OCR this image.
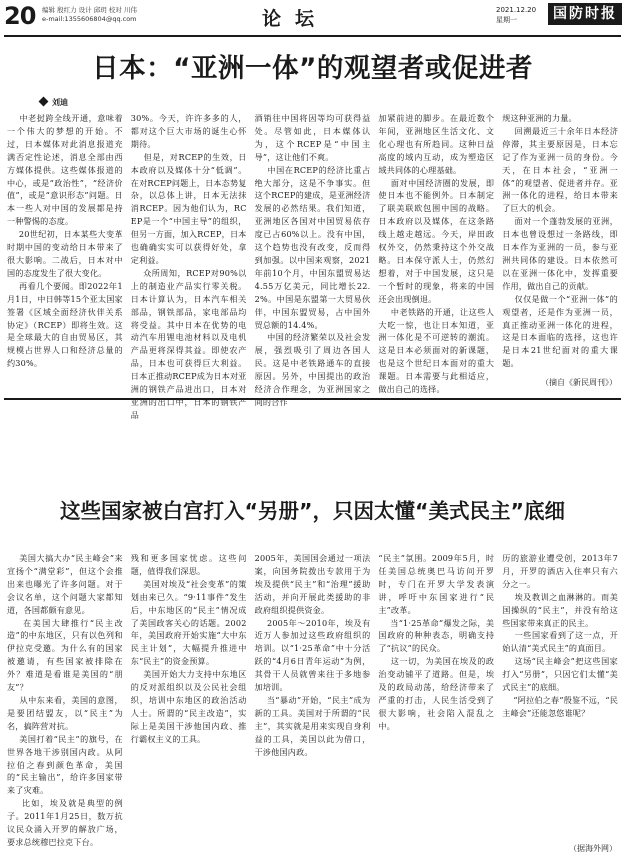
20 编辑 殷红力 设计 邱玥 校对 川伟
e-mail:1355606804@qq.com	论坛	2021.12.20
星期一	国防时报
日本：“亚洲一体”的观望者或促进者
刘迪
中老挝跨全线开通，意味着一个伟大的梦想的开始。不过，日本媒体对此消息报道充满否定性论述，消息全部由西方媒体提供。这些媒体报道的中心，或是“政治性”，“经济价值”，或是“意识形态”问题。日本一些人对中国的发展都是持一种警惕的态度。
20世纪初，日本某些大变革时期中国的变动给日本带来了很大影响。二战后，日本对中国的态度发生了很大变化。
再看几个要闻。即2022年1月1日，中日韩等15个亚太国家签署《区域全面经济伙伴关系协定》（RCEP）即将生效。这是全球最大的自由贸易区，其规模占世界人口和经济总量的约30%。
30%。今天，许许多多的人，都对这个巨大市场的诞生心怀期待。
但是，对RCEP的生效，日本政府以及媒体十分“低调”。在对RCEP问题上，日本态势复杂，以总体上讲，日本无法抹消RCEP。因为他们认为，RCEP是一个“中国主导”的组织，但另一方面，加入RCEP，日本也确确实实可以获得好处，拿定利益。
众所周知，RCEP对90%以上的制造业产品实行零关税。日本计算认为，日本汽车相关部品，钢铁部品，家电部品均将受益。其中日本在优势的电动汽车用锂电池材料以及电机产品更将深得其益。即使农产品，日本也可获得巨大利益。日本正推动RCEP成为日本对亚洲的钢铁产品进出口，日本对亚洲的出口中，日本的钢铁产品
酒销往中国将因等均可获得益处。尽管如此，日本媒体认为，这个RCEP是“中国主导”，这让他们不爽。
中国在RCEP的经济比重占绝大部分，这是不争事实。但这个RCEP的建成，是亚洲经济发展的必然结果。我们知道，亚洲地区各国对中国贸易依存度已占60%以上。没有中国，这个趋势也没有改变，反而得到加强。以中国来观察，2021年前10个月，中国东盟贸易达4.55万亿美元，同比增长22.2%。中国是东盟第一大贸易伙伴，中国东盟贸易，占中国外贸总额的14.4%。
中国的经济繁荣以及社会发展，强烈吸引了周边各国人民。这是中老铁路通车的直接原因。另外，中国提出的政治经济合作理念，为亚洲国家之间的合作
加紧前进的脚步。在最近数个年间，亚洲地区生活文化、文化心理也有所趋同。这种日益高度的域内互动，成为塑造区域共同体的心理基础。
面对中国经济圈的发展，即使日本也不能例外。日本制定了联美联欧包围中国的战略。日本政府以及媒体，在这条路线上越走越远。今天，岸田政权外交，仍然秉持这个外交战略。日本保守派人士，仍然幻想着，对于中国发展，这只是一个暂时的现象，将来的中国还会出现倒退。
中老铁路的开通，让这些人大吃一惊，也让日本知道，亚洲一体化是不可逆转的潮流。这是日本必须面对的新课题，也是这个世纪日本面对的重大课题。日本需要与此相适应，做出自己的选择。
规这种亚洲的力量。
回溯最近三十余年日本经济停滞，其主要原因是，日本忘记了作为亚洲一员的身份。今天，在日本社会，“亚洲一体”的观望者、促进者并存。亚洲一体化的进程，给日本带来了巨大的机会。
面对一个蓬勃发展的亚洲，日本也曾设想过一条路线，即日本作为亚洲的一员，参与亚洲共同体的建设。日本依然可以在亚洲一体化中，发挥重要作用，做出自己的贡献。
仅仅是做一个“亚洲一体”的观望者，还是作为亚洲一员，真正推动亚洲一体化的进程，这是日本面临的选择，这也许是日本21世纪面对的重大课题。
（摘自《新民周刊》）
这些国家被白宫打入“另册”，只因太懂“美式民主”底细
美国大搞大办“民主峰会”来宣扬个“满堂彩”，但这个会推出来也曝光了许多问题。对于会议名单，这个问题大家都知道，各国都颇有意见。
在美国大肆推行“民主改造”的中东地区，只有以色列和伊拉克受邀。为什么有的国家被邀请，有些国家被排除在外？难道是看谁是美国的“朋友”？
从中东来看，美国的意图，是要团结盟友，以“民主”为名，搞阵营对抗。
美国打着“民主”的旗号，在世界各地干涉别国内政。从阿拉伯之春到颜色革命，美国的“民主输出”，给许多国家带来了灾难。
比如，埃及就是典型的例子。2011年1月25日，数万抗议民众涌入开罗的解放广场，要求总统穆巴拉克下台。
残和更多国家忧虑。这些问题，值得我们深思。
美国对埃及“社会变革”的策划由来已久。“9·11事件”发生后，中东地区的“民主”情况成了美国政客关心的话题。2002年，美国政府开始实施“大中东民主计划”，大幅提升推进中东“民主”的资金预算。
美国开始大力支持中东地区的反对派组织以及公民社会组织，培训中东地区的政治活动人士。所谓的“民主改造”，实际上是美国干涉他国内政、推行霸权主义的工具。
2005年，美国国会通过一项法案，向国务院拨出专款用于为埃及提供“民主”和“治理”援助活动，并向开展此类援助的非政府组织提供资金。
2005年～2010年，埃及有近万人参加过这些政府组织的培训。以“1·25革命”中十分活跃的“4月6日青年运动”为例，其骨干人员就曾来往于多地参加培训。
当“暴动”开始，“民主”成为新的工具。美国对于所谓的“民主”，其实就是用来实现自身利益的工具，美国以此为借口，干涉他国内政。
“民主”氛围。2009年5月，时任美国总统奥巴马访问开罗时，专门在开罗大学发表演讲，呼吁中东国家进行“民主”改革。
当“1·25革命”爆发之际，美国政府的种种表态，明确支持了“抗议”的民众。
这一切，为美国在埃及的政治变动铺平了道路。但是，埃及的政局动荡，给经济带来了严重的打击，人民生活受到了很大影响，社会陷入混乱之中。
历的旅游业遭受创，2013年7月，开罗的酒店入住率只有六分之一。
埃及教训之血淋淋的。而美国操纵的“民主”，并没有给这些国家带来真正的民主。
一些国家看到了这一点，开始认清“美式民主”的真面目。
这场“民主峰会”把这些国家打入“另册”，只因它们太懂“美式民主”的底细。
“阿拉伯之春”殷鉴不远，“民主峰会”还能忽悠谁呢？
（据海外网）
